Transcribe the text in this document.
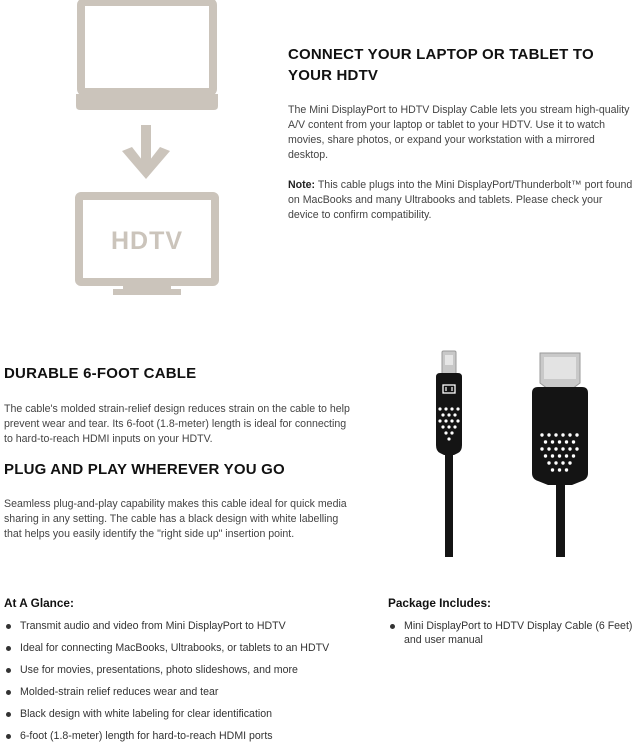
HDTV
CONNECT YOUR LAPTOP OR TABLET TO YOUR HDTV
The Mini DisplayPort to HDTV Display Cable lets you stream high-quality A/V content from your laptop or tablet to your HDTV. Use it to watch movies, share photos, or expand your workstation with a mirrored desktop.
Note: This cable plugs into the Mini DisplayPort/Thunderbolt™ port found on MacBooks and many Ultrabooks and tablets. Please check your device to confirm compatibility.
DURABLE 6-FOOT CABLE
The cable's molded strain-relief design reduces strain on the cable to help prevent wear and tear. Its 6-foot (1.8-meter) length is ideal for connecting to hard-to-reach HDMI inputs on your HDTV.
PLUG AND PLAY WHEREVER YOU GO
Seamless plug-and-play capability makes this cable ideal for quick media sharing in any setting. The cable has a black design with white labelling that helps you easily identify the "right side up" insertion point.
At A Glance:
Transmit audio and video from Mini DisplayPort to HDTV
Ideal for connecting MacBooks, Ultrabooks, or tablets to an HDTV
Use for movies, presentations, photo slideshows, and more
Molded-strain relief reduces wear and tear
Black design with white labeling for clear identification
6-foot (1.8-meter) length for hard-to-reach HDMI ports
Package Includes:
Mini DisplayPort to HDTV Display Cable (6 Feet) and user manual
